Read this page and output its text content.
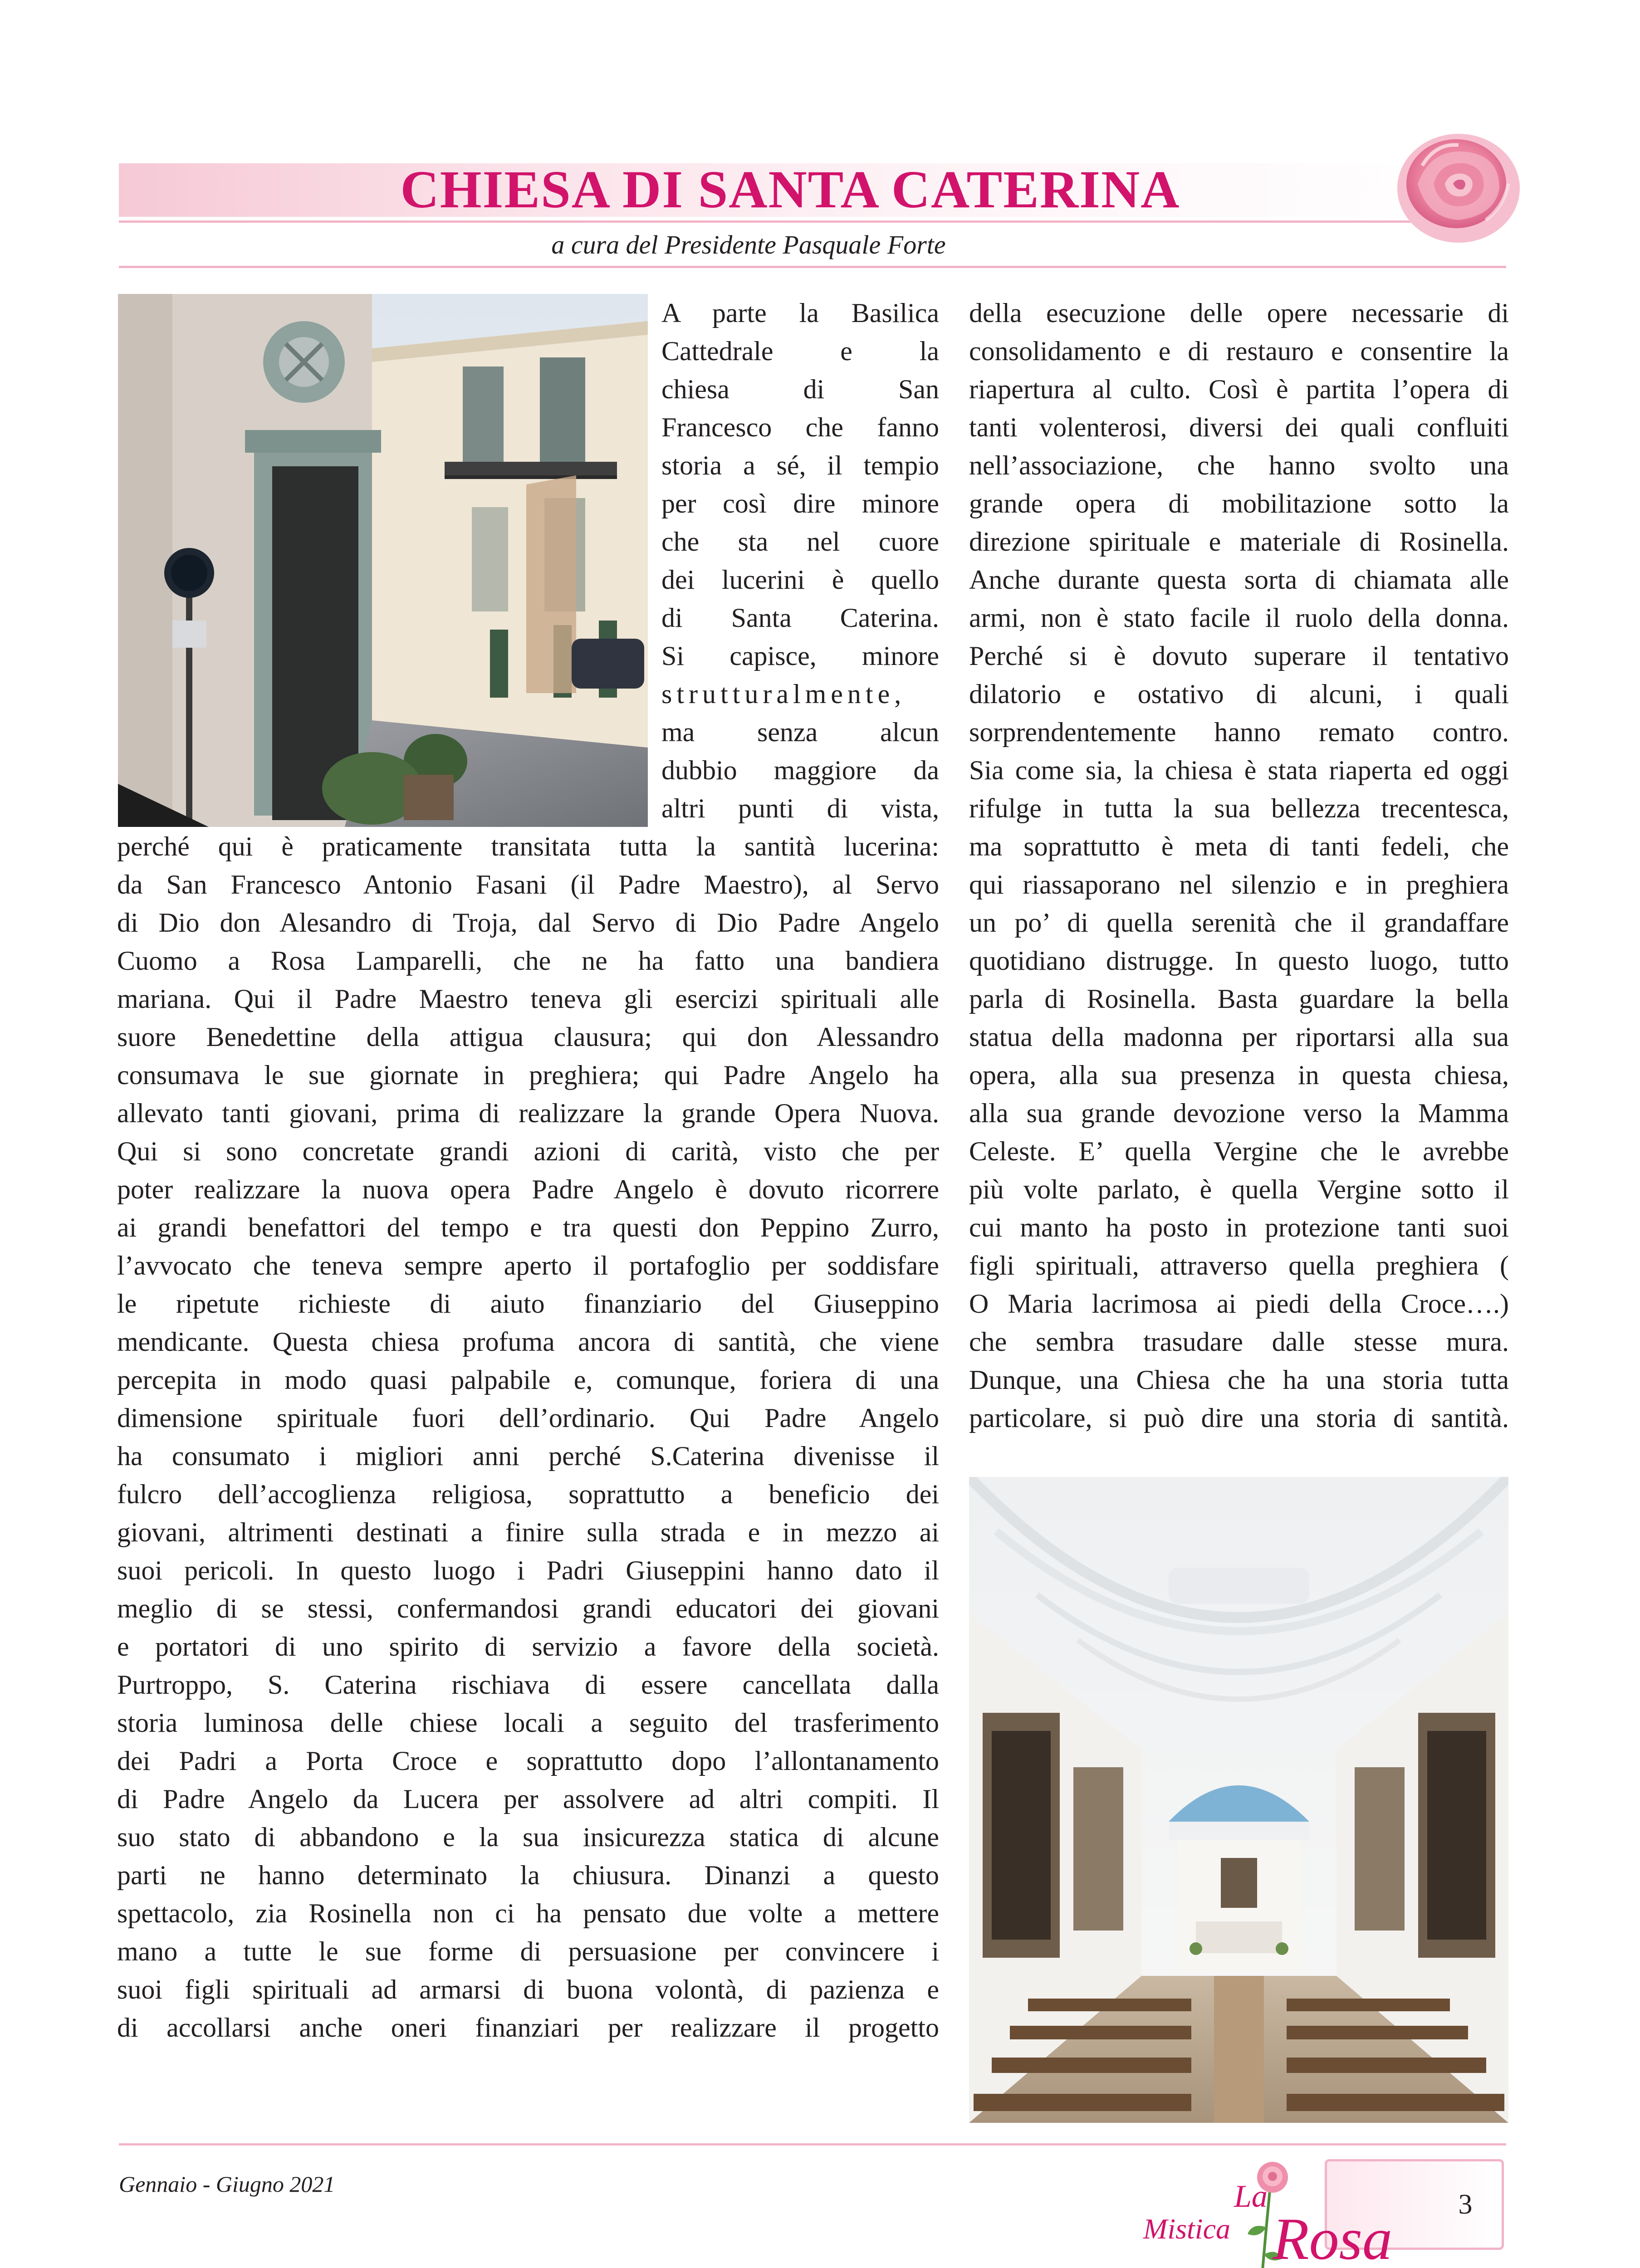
CHIESA DI SANTA CATERINA
a cura del Presidente Pasquale Forte

A parte la Basilica

Cattedrale e la

chiesa di San

Francesco che fanno

storia a sé, il tempio

per così dire minore

che sta nel cuore

dei lucerini è quello

di Santa Caterina.

Si capisce, minore

strutturalmente,

ma senza alcun

dubbio maggiore da

altri punti di vista,

perché qui è praticamente transitata tutta la santità lucerina:

da San Francesco Antonio Fasani (il Padre Maestro), al Servo

di Dio don Alesandro di Troja, dal Servo di Dio Padre Angelo

Cuomo a Rosa Lamparelli, che ne ha fatto una bandiera

mariana. Qui il Padre Maestro teneva gli esercizi spirituali alle

suore Benedettine della attigua clausura; qui don Alessandro

consumava le sue giornate in preghiera; qui Padre Angelo ha

allevato tanti giovani, prima di realizzare la grande Opera Nuova.

Qui si sono concretate grandi azioni di carità, visto che per

poter realizzare la nuova opera Padre Angelo è dovuto ricorrere

ai grandi benefattori del tempo e tra questi don Peppino Zurro,

l’avvocato che teneva sempre aperto il portafoglio per soddisfare

le ripetute richieste di aiuto finanziario del Giuseppino

mendicante. Questa chiesa profuma ancora di santità, che viene

percepita in modo quasi palpabile e, comunque, foriera di una

dimensione spirituale fuori dell’ordinario. Qui Padre Angelo

ha consumato i migliori anni perché S.Caterina divenisse il

fulcro dell’accoglienza religiosa, soprattutto a beneficio dei

giovani, altrimenti destinati a finire sulla strada e in mezzo ai

suoi pericoli. In questo luogo i Padri Giuseppini hanno dato il

meglio di se stessi, confermandosi grandi educatori dei giovani

e portatori di uno spirito di servizio a favore della società.

Purtroppo, S. Caterina rischiava di essere cancellata dalla

storia luminosa delle chiese locali a seguito del trasferimento

dei Padri a Porta Croce e soprattutto dopo l’allontanamento

di Padre Angelo da Lucera per assolvere ad altri compiti. Il

suo stato di abbandono e la sua insicurezza statica di alcune

parti ne hanno determinato la chiusura. Dinanzi a questo

spettacolo, zia Rosinella non ci ha pensato due volte a mettere

mano a tutte le sue forme di persuasione per convincere i

suoi figli spirituali ad armarsi di buona volontà, di pazienza e

di accollarsi anche oneri finanziari per realizzare il progetto

della esecuzione delle opere necessarie di

consolidamento e di restauro e consentire la

riapertura al culto. Così è partita l’opera di

tanti volenterosi, diversi dei quali confluiti

nell’associazione, che hanno svolto una

grande opera di mobilitazione sotto la

direzione spirituale e materiale di Rosinella.

Anche durante questa sorta di chiamata alle

armi, non è stato facile il ruolo della donna.

Perché si è dovuto superare il tentativo

dilatorio e ostativo di alcuni, i quali

sorprendentemente hanno remato contro.

Sia come sia, la chiesa è stata riaperta ed oggi

rifulge in tutta la sua bellezza trecentesca,

ma soprattutto è meta di tanti fedeli, che

qui riassaporano nel silenzio e in preghiera

un po’ di quella serenità che il grandaffare

quotidiano distrugge. In questo luogo, tutto

parla di Rosinella. Basta guardare la bella

statua della madonna per riportarsi alla sua

opera, alla sua presenza in questa chiesa,

alla sua grande devozione verso la Mamma

Celeste. E’ quella Vergine che le avrebbe

più volte parlato, è quella Vergine sotto il

cui manto ha posto in protezione tanti suoi

figli spirituali, attraverso quella preghiera (

O Maria lacrimosa ai piedi della Croce….)

che sembra trasudare dalle stesse mura.

Dunque, una Chiesa che ha una storia tutta

particolare, si può dire una storia di santità.

Gennaio - Giugno 2021	La
Mistica Rosa
3
